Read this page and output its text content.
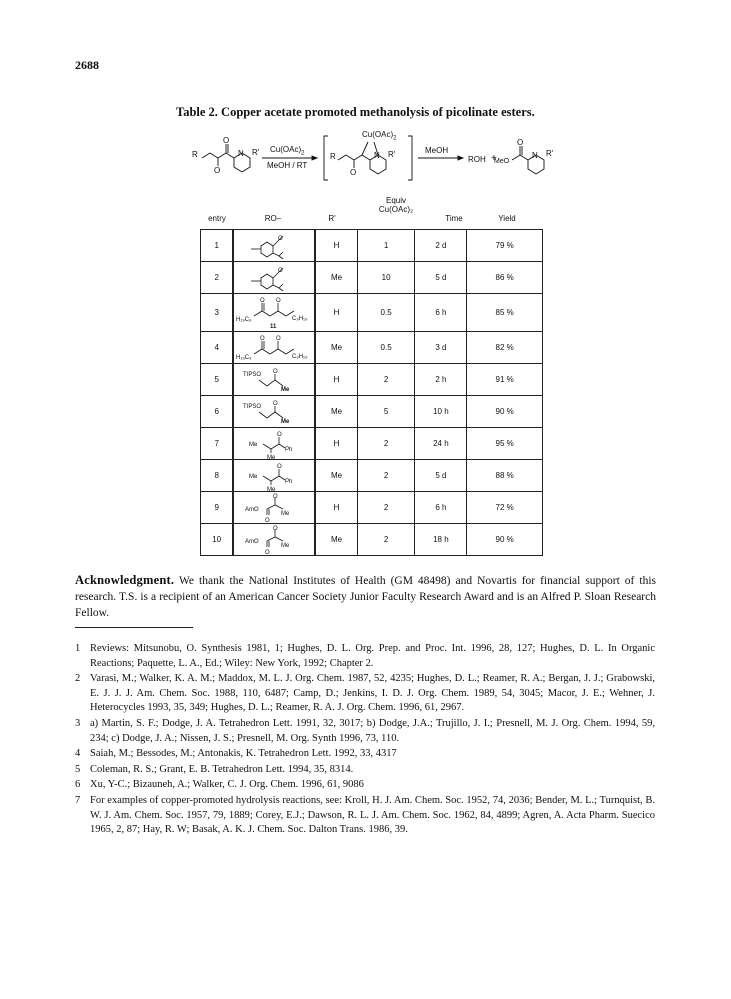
2688
Table 2. Copper acetate promoted methanolysis of picolinate esters.
R
O
O
N R' $Cu(OAc)_2$
MeOH / RT
R
O
N R'
$Cu(OAc)_2$
MeOH
ROH +
MeO
O
N R'
entry	RO–	R'
Equiv
Cu(OAc)₂
Time	Yield
1	O	H	1	2 d	79 %
2	O	Me	10	5 d	86 %
3	O O
H₁₉C₉ C₉H₁₉
11	H	0.5	6 h	85 %
4	O O
H₁₉C₉ C₉H₁₉	Me	0.5	3 d	82 %
5	TIPSO O
Me	H	2	2 h	91 %
6	TIPSO O
Me	Me	5	10 h	90 %
7	Me
O
Ph
Me	H	2	24 h	95 %
8	Me
O
Ph
Me	Me	2	5 d	88 %
9	AmO
O
Me
O	H	2	6 h	72 %
10	AmO
O
Me
O	Me	2	18 h	90 %

Acknowledgment. We thank the National Institutes of Health (GM 48498) and Novartis for financial support of this research. T.S. is a recipient of an American Cancer Society Junior Faculty Research Award and is an Alfred P. Sloan Research Fellow.

1 Reviews: Mitsunobu, O. Synthesis 1981, 1; Hughes, D. L. Org. Prep. and Proc. Int. 1996, 28, 127; Hughes, D. L. In Organic Reactions; Paquette, L. A., Ed.; Wiley: New York, 1992; Chapter 2.
2 Varasi, M.; Walker, K. A. M.; Maddox, M. L. J. Org. Chem. 1987, 52, 4235; Hughes, D. L.; Reamer, R. A.; Bergan, J. J.; Grabowski, E. J. J. J. Am. Chem. Soc. 1988, 110, 6487; Camp, D.; Jenkins, I. D. J. Org. Chem. 1989, 54, 3045; Macor, J. E.; Wehner, J. Heterocycles 1993, 35, 349; Hughes, D. L.; Reamer, R. A. J. Org. Chem. 1996, 61, 2967.
3 a) Martin, S. F.; Dodge, J. A. Tetrahedron Lett. 1991, 32, 3017; b) Dodge, J.A.; Trujillo, J. I.; Presnell, M. J. Org. Chem. 1994, 59, 234; c) Dodge, J. A.; Nissen, J. S.; Presnell, M. Org. Synth 1996, 73, 110.
4 Saiah, M.; Bessodes, M.; Antonakis, K. Tetrahedron Lett. 1992, 33, 4317
5 Coleman, R. S.; Grant, E. B. Tetrahedron Lett. 1994, 35, 8314.
6 Xu, Y-C.; Bizauneh, A.; Walker, C. J. Org. Chem. 1996, 61, 9086
7 For examples of copper-promoted hydrolysis reactions, see: Kroll, H. J. Am. Chem. Soc. 1952, 74, 2036; Bender, M. L.; Turnquist, B. W. J. Am. Chem. Soc. 1957, 79, 1889; Corey, E.J.; Dawson, R. L. J. Am. Chem. Soc. 1962, 84, 4899; Agren, A. Acta Pharm. Suecico 1965, 2, 87; Hay, R. W; Basak, A. K. J. Chem. Soc. Dalton Trans. 1986, 39.
